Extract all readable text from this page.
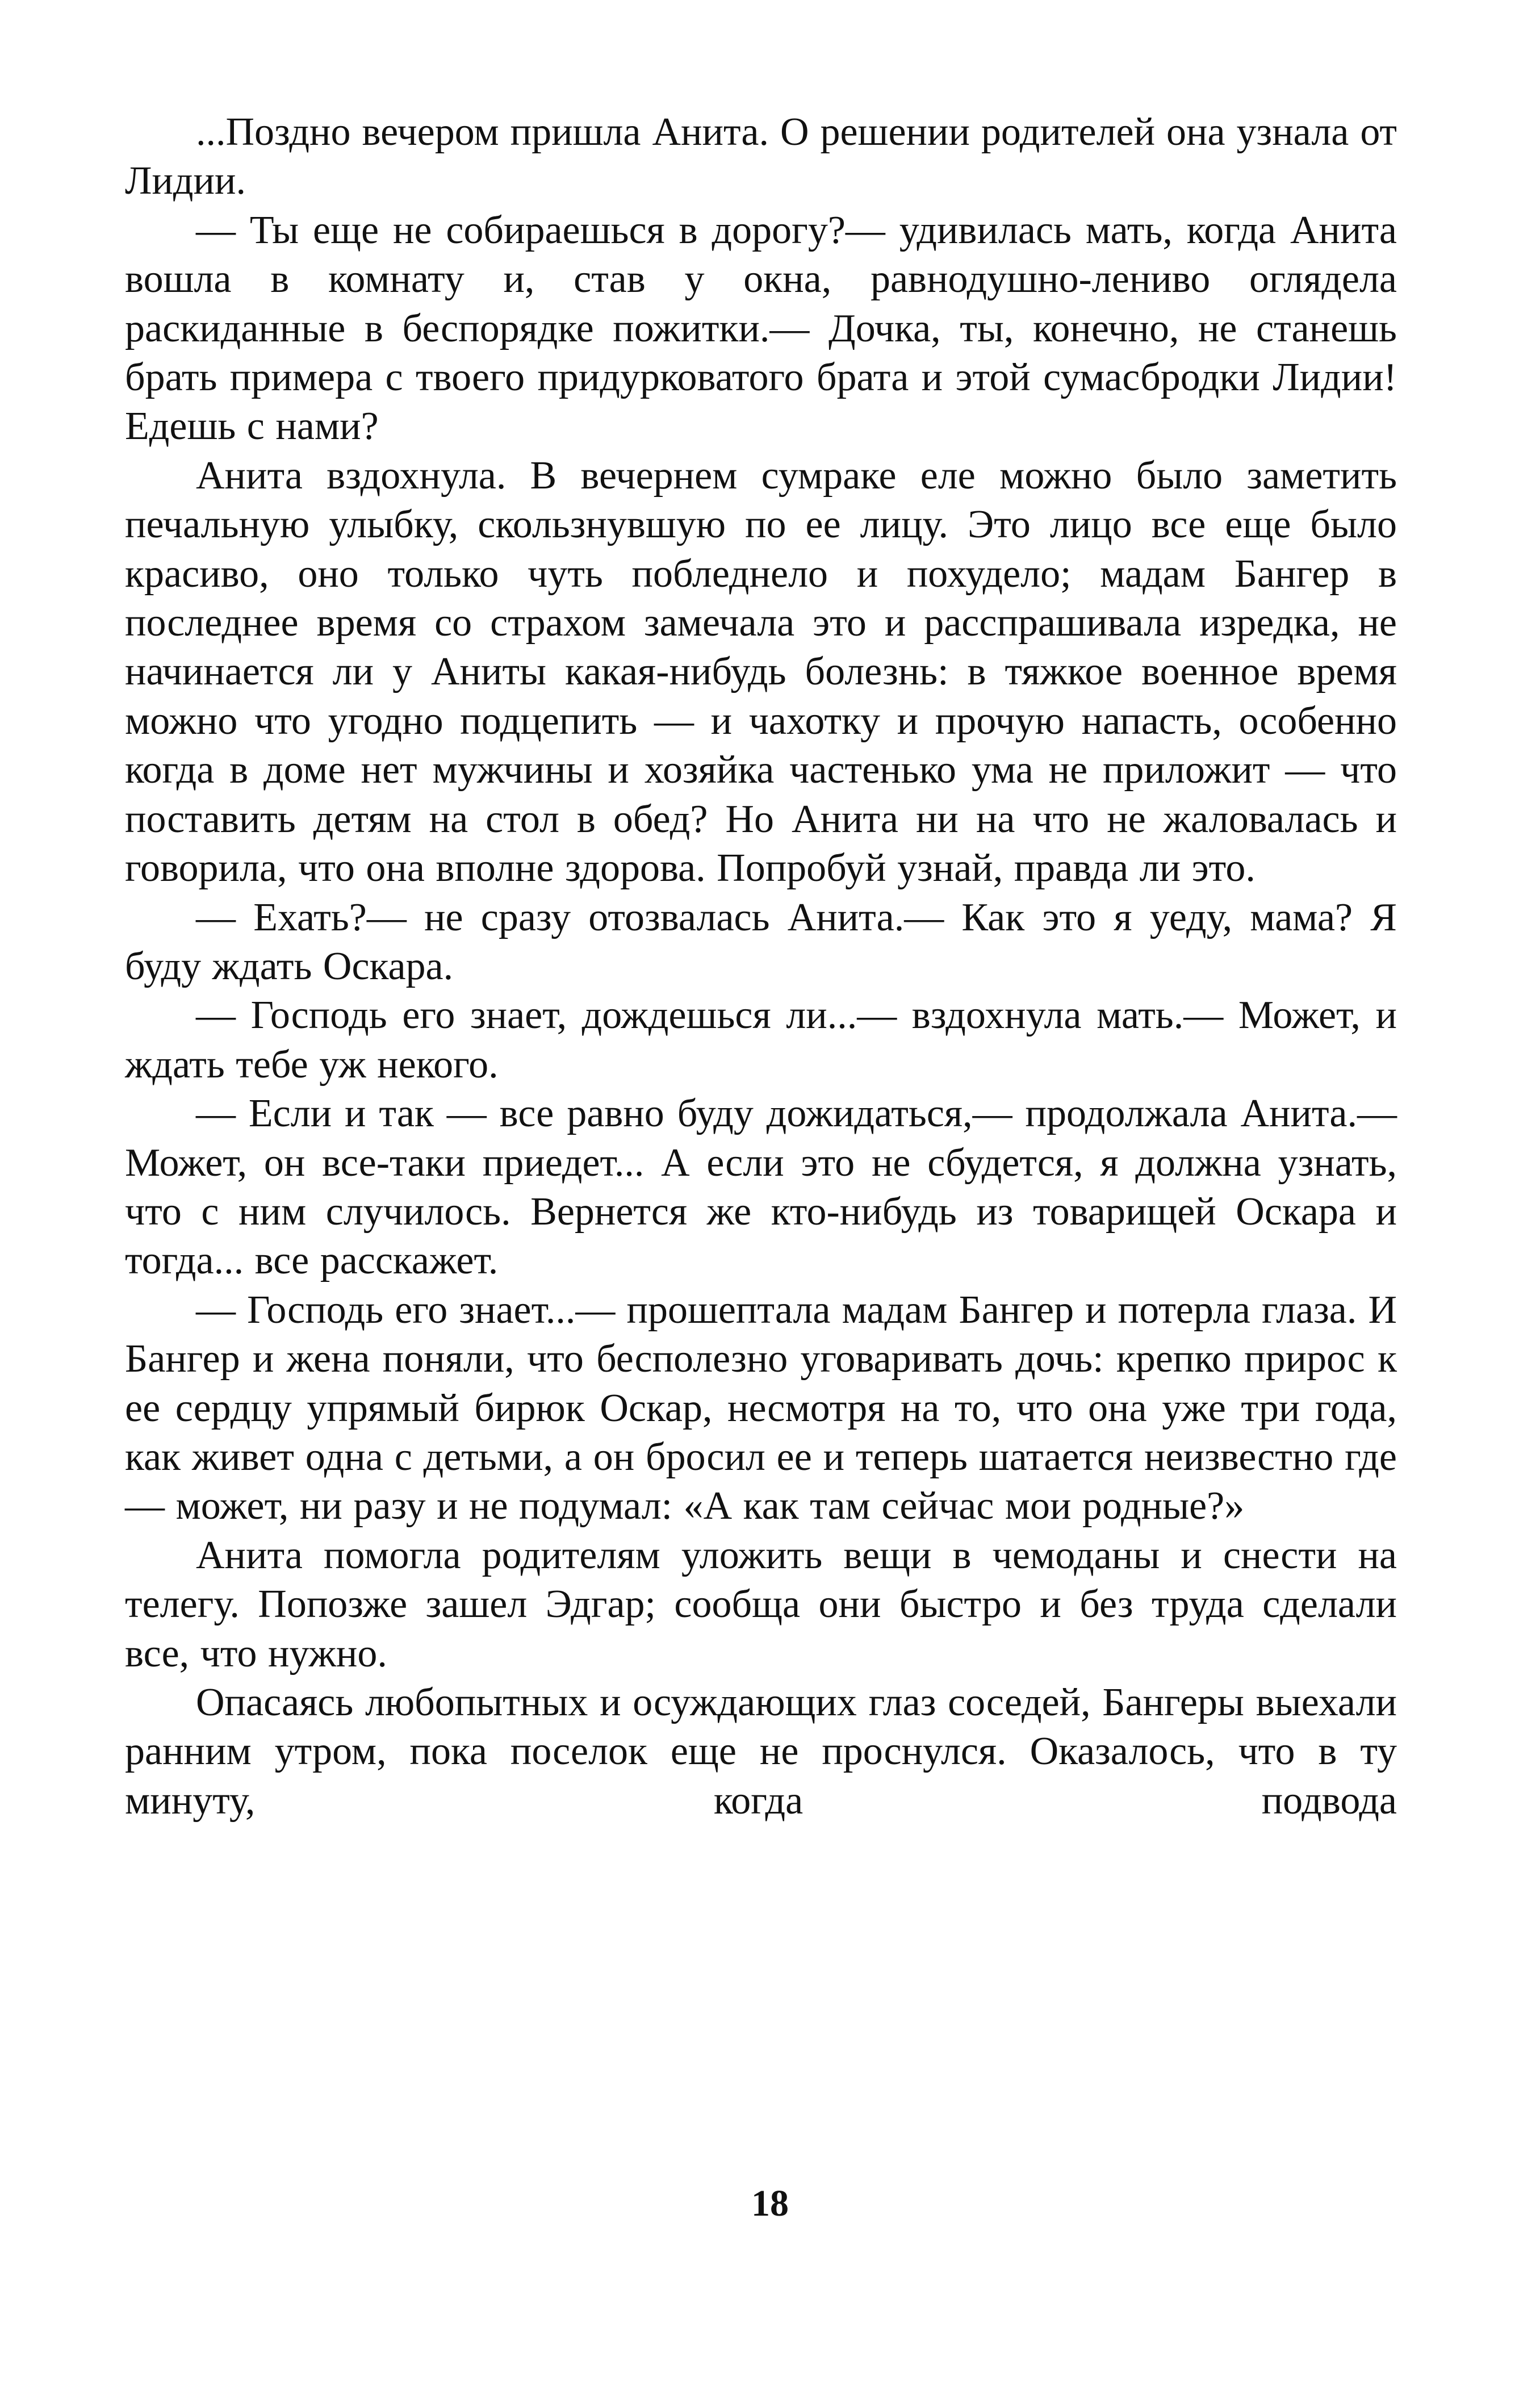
...Поздно вечером пришла Анита. О решении родителей она узнала от Лидии.

— Ты еще не собираешься в дорогу?— удивилась мать, когда Анита вошла в комнату и, став у окна, равнодушно-лениво оглядела раскиданные в беспорядке пожитки.— Дочка, ты, конечно, не станешь брать примера с твоего придурковатого брата и этой сумасбродки Лидии! Едешь с нами?

Анита вздохнула. В вечернем сумраке еле можно было заметить печальную улыбку, скользнувшую по ее лицу. Это лицо все еще было красиво, оно только чуть побледнело и похудело; мадам Бангер в последнее время со страхом замечала это и расспрашивала изредка, не начинается ли у Аниты какая-нибудь болезнь: в тяжкое военное время можно что угодно подцепить — и чахотку и прочую напасть, особенно когда в доме нет мужчины и хозяйка частенько ума не приложит — что поставить детям на стол в обед? Но Анита ни на что не жаловалась и говорила, что она вполне здорова. Попробуй узнай, правда ли это.

— Ехать?— не сразу отозвалась Анита.— Как это я уеду, мама? Я буду ждать Оскара.

— Господь его знает, дождешься ли...— вздохнула мать.— Может, и ждать тебе уж некого.

— Если и так — все равно буду дожидаться,— продолжала Анита.— Может, он все-таки приедет... А если это не сбудется, я должна узнать, что с ним случилось. Вернется же кто-нибудь из товарищей Оскара и тогда... все расскажет.

— Господь его знает...— прошептала мадам Бангер и потерла глаза. И Бангер и жена поняли, что бесполезно уговаривать дочь: крепко прирос к ее сердцу упрямый бирюк Оскар, несмотря на то, что она уже три года, как живет одна с детьми, а он бросил ее и теперь шатается неизвестно где — может, ни разу и не подумал: «А как там сейчас мои родные?»

Анита помогла родителям уложить вещи в чемоданы и снести на телегу. Попозже зашел Эдгар; сообща они быстро и без труда сделали все, что нужно.

Опасаясь любопытных и осуждающих глаз соседей, Бангеры выехали ранним утром, пока поселок еще не проснулся. Оказалось, что в ту минуту, когда подвода

18
